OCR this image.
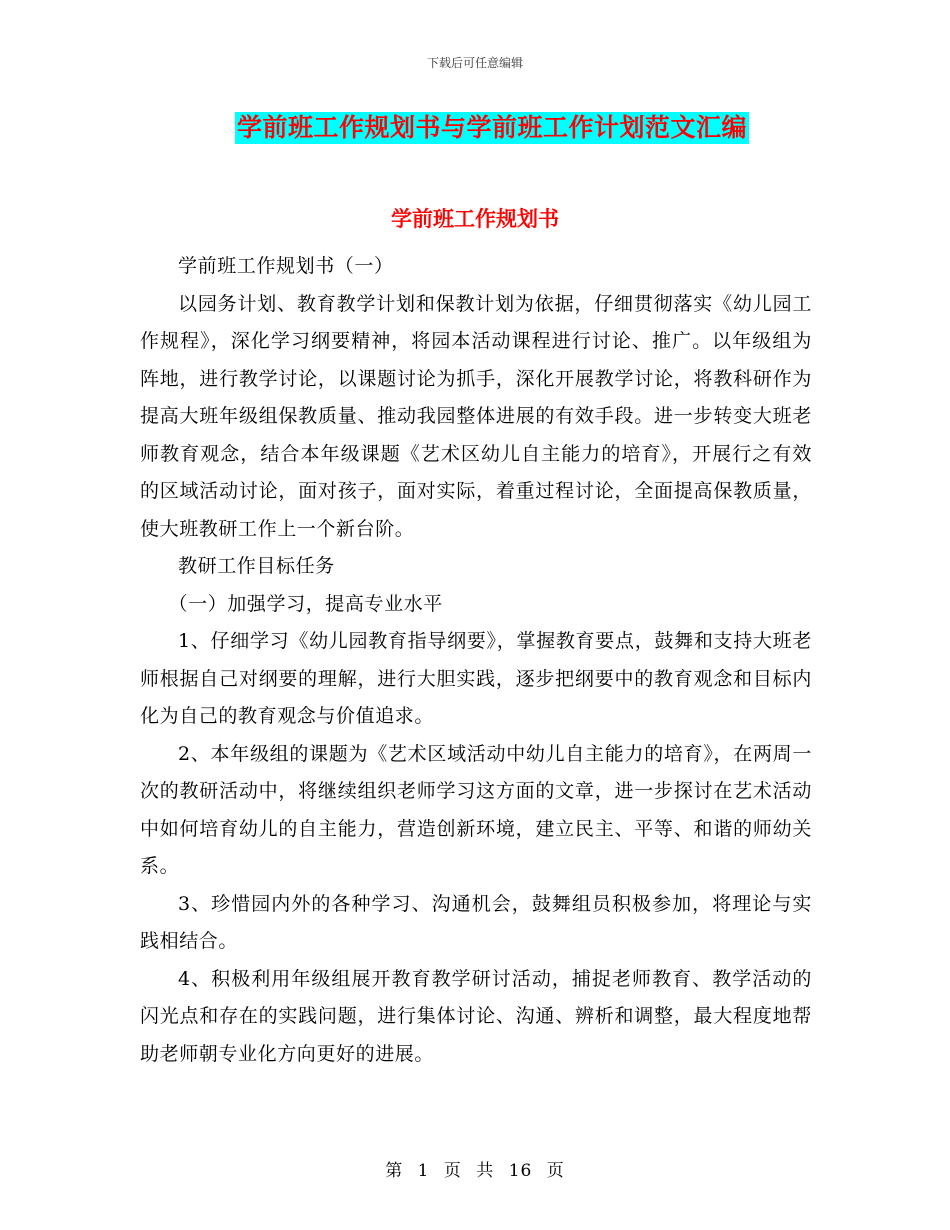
下载后可任意编辑
学前班工作规划书与学前班工作计划范文汇编
学前班工作规划书

学前班工作规划书（一）

以园务计划、教育教学计划和保教计划为依据，仔细贯彻落实《幼儿园工作规程》，深化学习纲要精神，将园本活动课程进行讨论、推广。以年级组为阵地，进行教学讨论，以课题讨论为抓手，深化开展教学讨论，将教科研作为提高大班年级组保教质量、推动我园整体进展的有效手段。进一步转变大班老师教育观念，结合本年级课题《艺术区幼儿自主能力的培育》，开展行之有效的区域活动讨论，面对孩子，面对实际，着重过程讨论，全面提高保教质量，使大班教研工作上一个新台阶。

教研工作目标任务

（一）加强学习，提高专业水平

1、仔细学习《幼儿园教育指导纲要》，掌握教育要点，鼓舞和支持大班老师根据自己对纲要的理解，进行大胆实践，逐步把纲要中的教育观念和目标内化为自己的教育观念与价值追求。

2、本年级组的课题为《艺术区域活动中幼儿自主能力的培育》，在两周一次的教研活动中，将继续组织老师学习这方面的文章，进一步探讨在艺术活动中如何培育幼儿的自主能力，营造创新环境，建立民主、平等、和谐的师幼关系。

3、珍惜园内外的各种学习、沟通机会，鼓舞组员积极参加，将理论与实践相结合。

4、积极利用年级组展开教育教学研讨活动，捕捉老师教育、教学活动的闪光点和存在的实践问题，进行集体讨论、沟通、辨析和调整，最大程度地帮助老师朝专业化方向更好的进展。

第 1 页 共 16 页
